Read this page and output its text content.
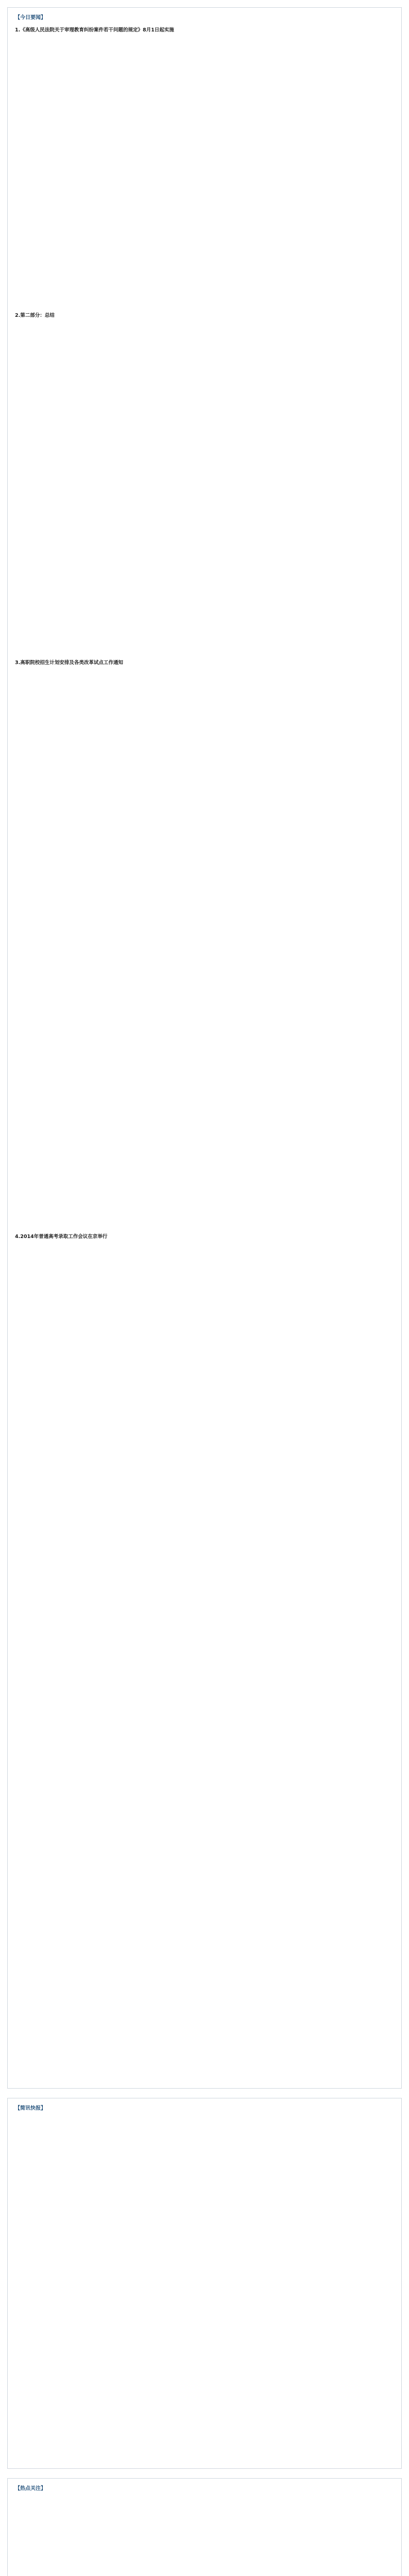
【今日要闻】
1.《高级人民法院关于审理教育纠纷案件若干问题的规定》8月1日起实施
2.第二部分：总结
3.高职院校招生计划安排及各类改革试点工作通知
4.2014年普通高考录取工作会议在京举行
【简讯快报】
【热点关注】
